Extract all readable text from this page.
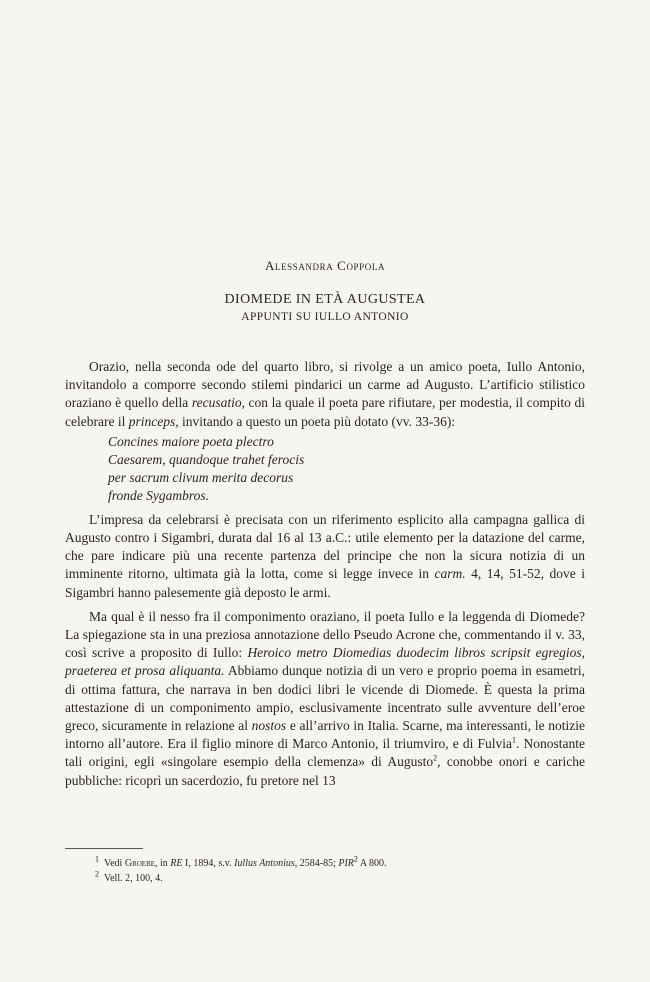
Alessandra Coppola
DIOMEDE IN ETÀ AUGUSTEA
APPUNTI SU IULLO ANTONIO

Orazio, nella seconda ode del quarto libro, si rivolge a un amico poeta, Iullo Antonio, invitandolo a comporre secondo stilemi pindarici un carme ad Augusto. L’artificio stilistico oraziano è quello della recusatio, con la quale il poeta pare rifiutare, per modestia, il compito di celebrare il princeps, invitando a questo un poeta più dotato (vv. 33-36):

Concines maiore poeta plectro
Caesarem, quandoque trahet ferocis
per sacrum clivum merita decorus
fronde Sygambros.

L’impresa da celebrarsi è precisata con un riferimento esplicito alla campagna gallica di Augusto contro i Sigambri, durata dal 16 al 13 a.C.: utile elemento per la datazione del carme, che pare indicare più una recente partenza del principe che non la sicura notizia di un imminente ritorno, ultimata già la lotta, come si legge invece in carm. 4, 14, 51-52, dove i Sigambri hanno palesemente già deposto le armi.

Ma qual è il nesso fra il componimento oraziano, il poeta Iullo e la leggenda di Diomede? La spiegazione sta in una preziosa annotazione dello Pseudo Acrone che, commentando il v. 33, così scrive a proposito di Iullo: Heroico metro Diomedias duodecim libros scripsit egregios, praeterea et prosa aliquanta. Abbiamo dunque notizia di un vero e proprio poema in esametri, di ottima fattura, che narrava in ben dodici libri le vicende di Diomede. È questa la prima attestazione di un componimento ampio, esclusivamente incentrato sulle avventure dell’eroe greco, sicuramente in relazione al nostos e all’arrivo in Italia. Scarne, ma interessanti, le notizie intorno all’autore. Era il figlio minore di Marco Antonio, il triumviro, e di Fulvia$^1$. Nonostante tali origini, egli «singolare esempio della clemenza» di Augusto$^2$, conobbe onori e cariche pubbliche: ricoprì un sacerdozio, fu pretore nel 13

$^1$ Vedi Groebe, in RE I, 1894, s.v. Iullus Antonius, 2584-85; PIR$^2$ A 800.
$^2$ Vell. 2, 100, 4.
